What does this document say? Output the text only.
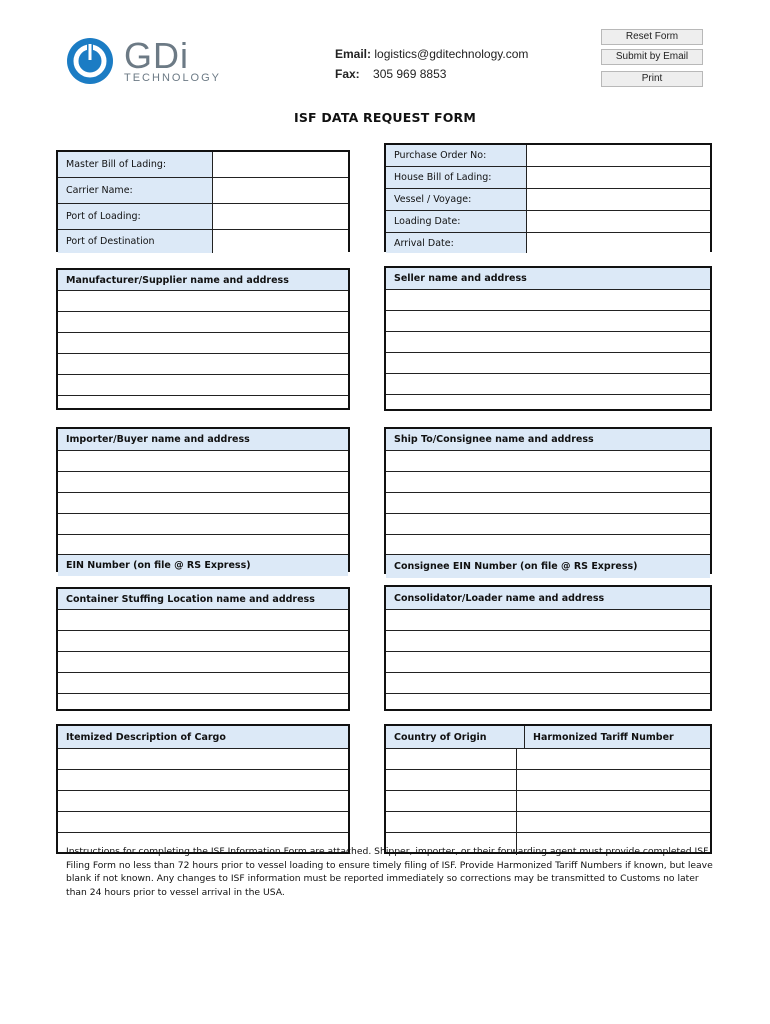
GDi
TECHNOLOGY
Email: logistics@gditechnology.com
Fax: 305 969 8853
Reset Form
Submit by Email
Print
ISF DATA REQUEST FORM
Master Bill of Lading:
Carrier Name:
Port of Loading:
Port of Destination
Purchase Order No:
House Bill of Lading:
Vessel / Voyage:
Loading Date:
Arrival Date:
Manufacturer/Supplier name and address	Seller name and address
Importer/Buyer name and address
EIN Number (on file @ RS Express)
Ship To/Consignee name and address
Consignee EIN Number (on file @ RS Express)
Container Stuffing Location name and address	Consolidator/Loader name and address
Itemized Description of Cargo	Country of Origin	Harmonized Tariff Number
Instructions for completing the ISF Information Form are attached. Shipper, importer, or their forwarding agent must provide completed ISF Filing Form no less than 72 hours prior to vessel loading to ensure timely filing of ISF. Provide Harmonized Tariff Numbers if known, but leave blank if not known. Any changes to ISF information must be reported immediately so corrections may be transmitted to Customs no later than 24 hours prior to vessel arrival in the USA.
